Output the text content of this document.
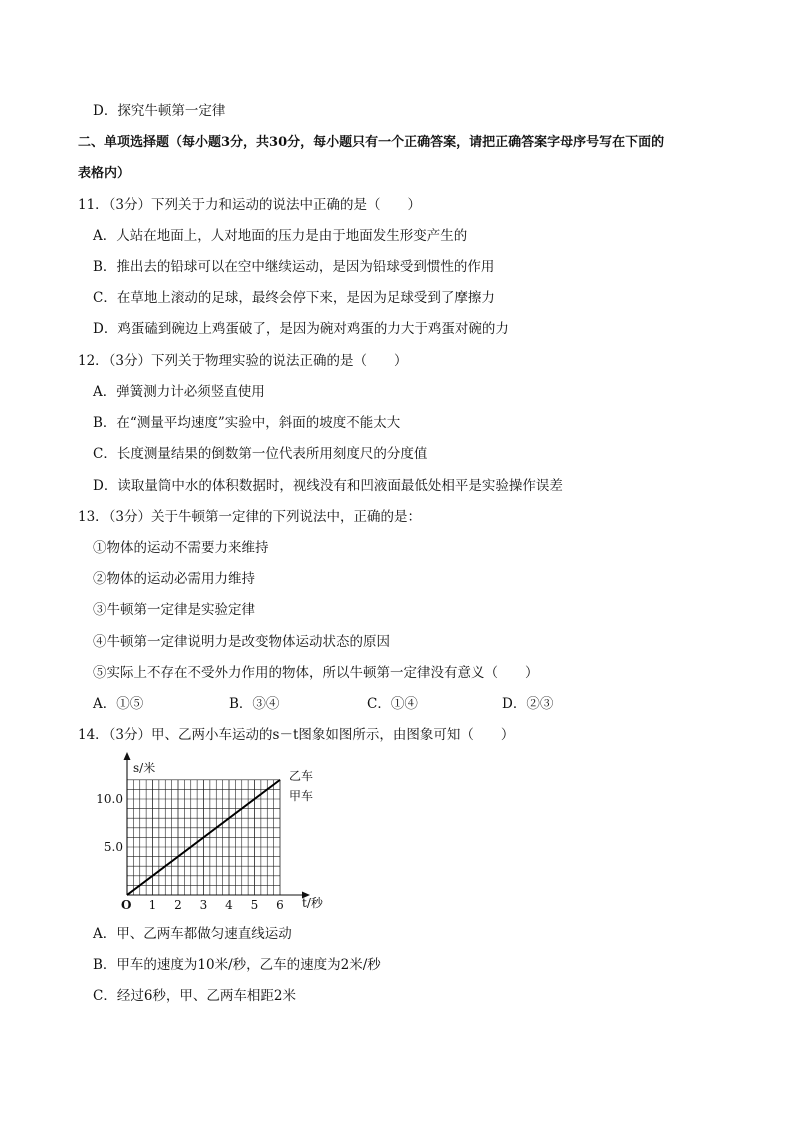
D．探究牛顿第一定律
二、单项选择题（每小题3分，共30分，每小题只有一个正确答案，请把正确答案字母序号写在下面的
表格内）
11．（3分）下列关于力和运动的说法中正确的是（　　）
A．人站在地面上，人对地面的压力是由于地面发生形变产生的
B．推出去的铅球可以在空中继续运动，是因为铅球受到惯性的作用
C．在草地上滚动的足球，最终会停下来，是因为足球受到了摩擦力
D．鸡蛋磕到碗边上鸡蛋破了，是因为碗对鸡蛋的力大于鸡蛋对碗的力
12．（3分）下列关于物理实验的说法正确的是（　　）
A．弹簧测力计必须竖直使用
B．在“测量平均速度”实验中，斜面的坡度不能太大
C．长度测量结果的倒数第一位代表所用刻度尺的分度值
D．读取量筒中水的体积数据时，视线没有和凹液面最低处相平是实验操作误差
13．（3分）关于牛顿第一定律的下列说法中，正确的是：
①物体的运动不需要力来维持
②物体的运动必需用力维持
③牛顿第一定律是实验定律
④牛顿第一定律说明力是改变物体运动状态的原因
⑤实际上不存在不受外力作用的物体，所以牛顿第一定律没有意义（　　）
A．①⑤	B．③④	C．①④	D．②③
14．（3分）甲、乙两小车运动的s－t图象如图所示，由图象可知（　　）
O 1 2 3 4 5 6
5.0
10.0
s/米
t/秒
乙车
甲车
A．甲、乙两车都做匀速直线运动
B．甲车的速度为10米/秒，乙车的速度为2米/秒
C．经过6秒，甲、乙两车相距2米
